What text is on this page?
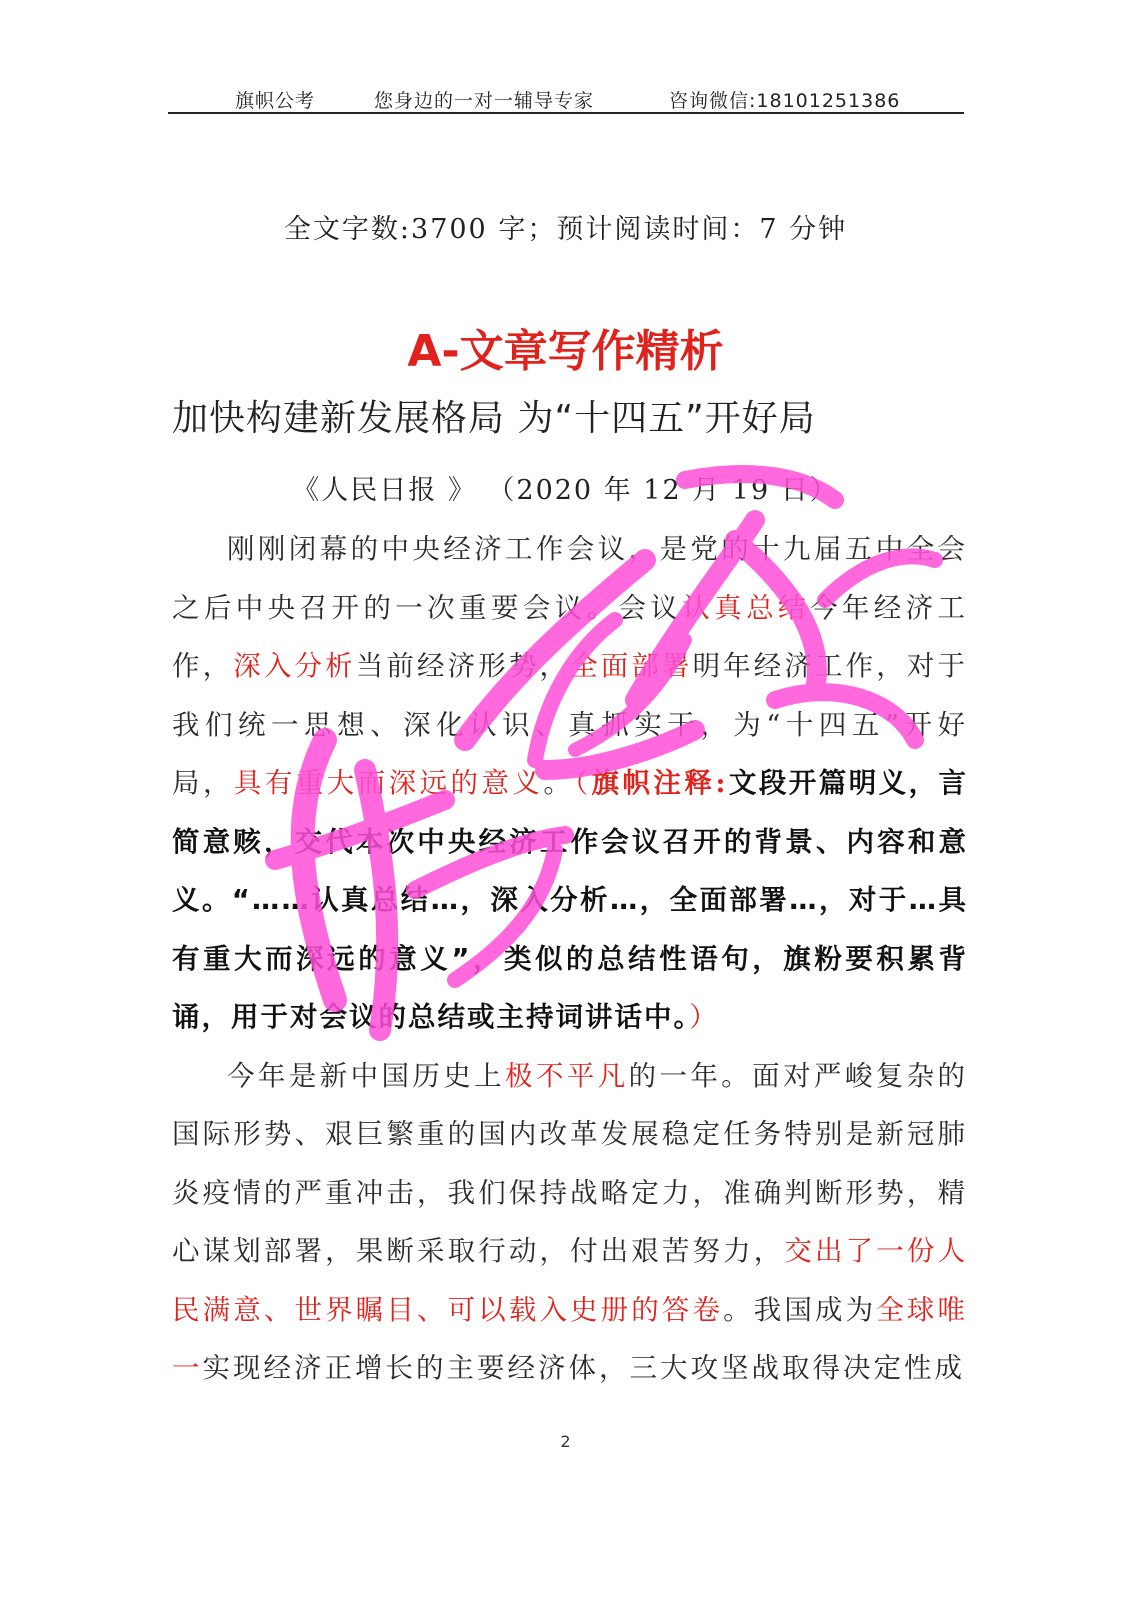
旗帜公考	您身边的一对一辅导专家	咨询微信:18101251386
全文字数:3700 字；预计阅读时间：7 分钟
A-文章写作精析
加快构建新发展格局 为“十四五”开好局
《人民日报 》 （2020 年 12 月 19 日）

刚刚闭幕的中央经济工作会议，是党的十九届五中全会之后中央召开的一次重要会议。会议认真总结今年经济工作，深入分析当前经济形势，全面部署明年经济工作，对于我们统一思想、深化认识、真抓实干，为“十四五”开好局，具有重大而深远的意义。（旗帜注释:文段开篇明义，言简意赅，交代本次中央经济工作会议召开的背景、内容和意义。“……认真总结…，深入分析…，全面部署…，对于…具有重大而深远的意义”，类似的总结性语句，旗粉要积累背诵，用于对会议的总结或主持词讲话中。）

今年是新中国历史上极不平凡的一年。面对严峻复杂的国际形势、艰巨繁重的国内改革发展稳定任务特别是新冠肺炎疫情的严重冲击，我们保持战略定力，准确判断形势，精心谋划部署，果断采取行动，付出艰苦努力，交出了一份人民满意、世界瞩目、可以载入史册的答卷。我国成为全球唯一实现经济正增长的主要经济体，三大攻坚战取得决定性成

2
